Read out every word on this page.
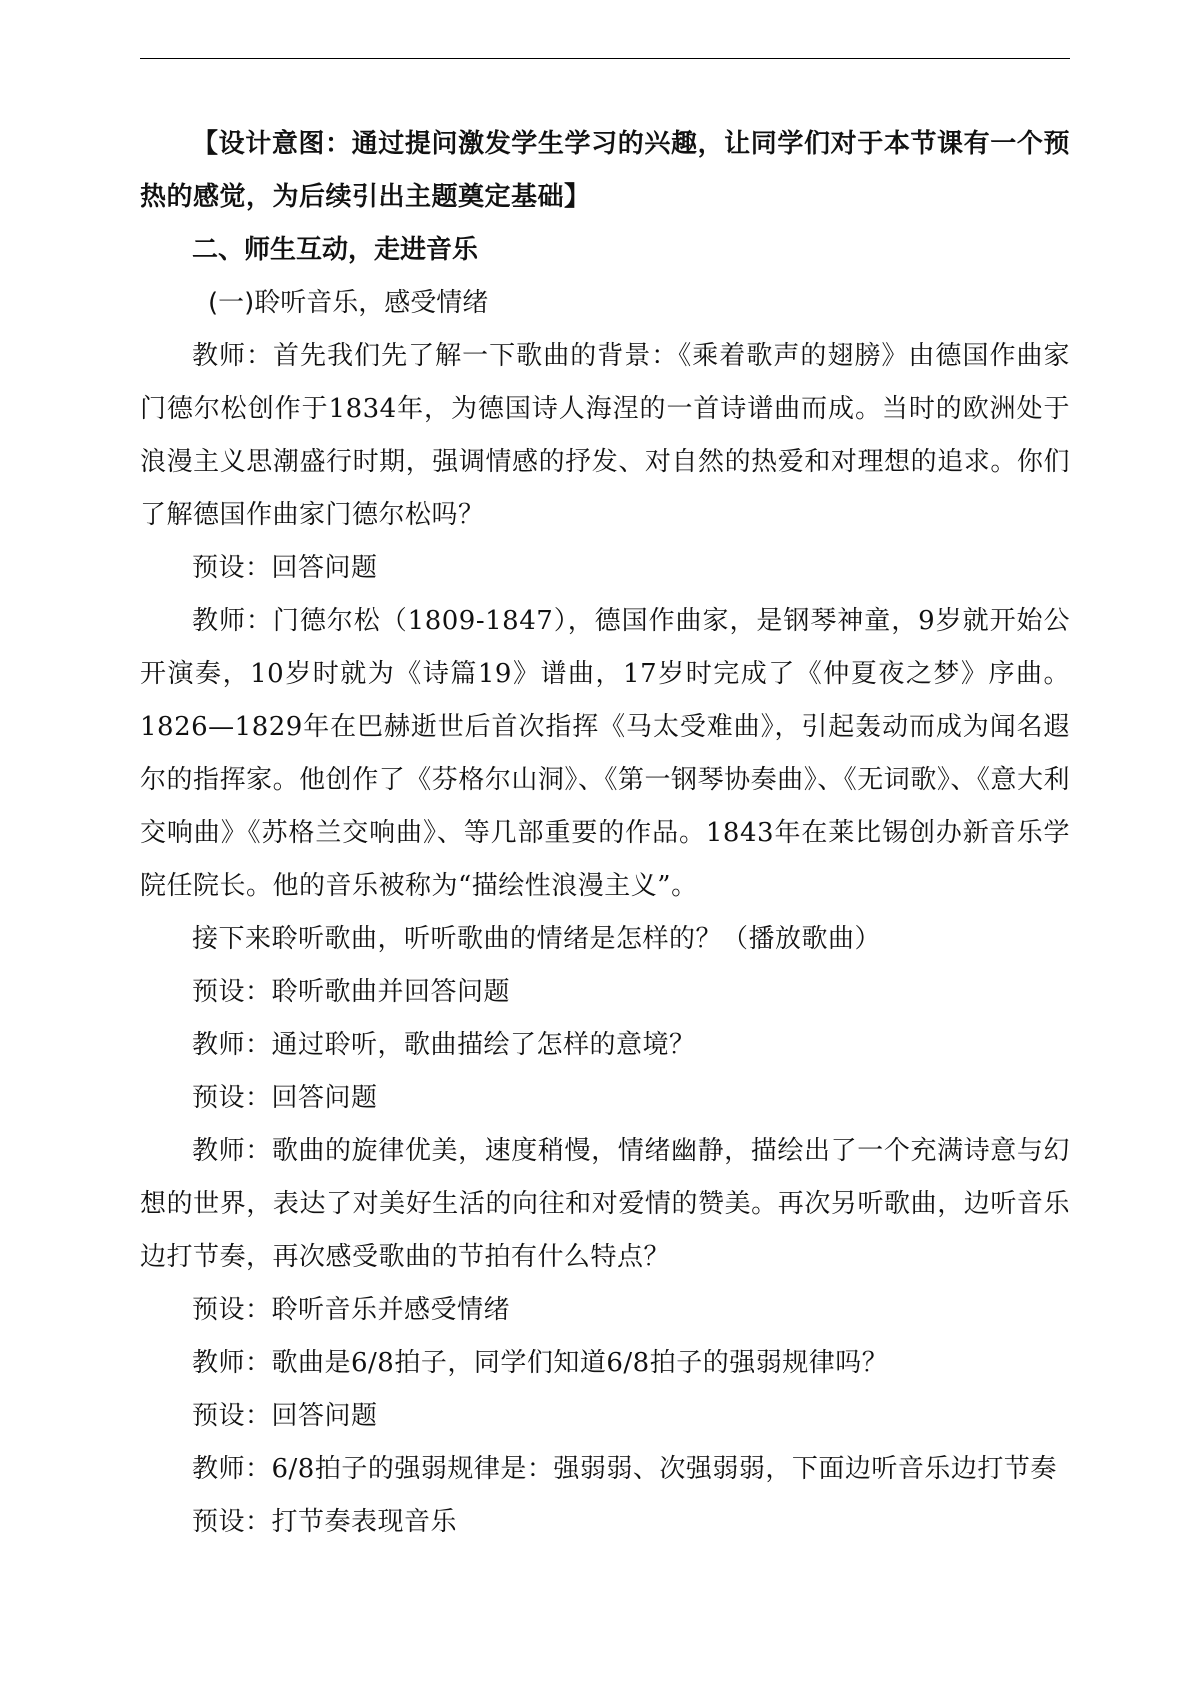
【设计意图：通过提问激发学生学习的兴趣，让同学们对于本节课有一个预热的感觉，为后续引出主题奠定基础】

二、师生互动，走进音乐

(一)聆听音乐，感受情绪

教师：首先我们先了解一下歌曲的背景：《乘着歌声的翅膀》由德国作曲家门德尔松创作于1834年，为德国诗人海涅的一首诗谱曲而成。当时的欧洲处于浪漫主义思潮盛行时期，强调情感的抒发、对自然的热爱和对理想的追求。你们了解德国作曲家门德尔松吗？

预设：回答问题

教师：门德尔松（1809-1847），德国作曲家，是钢琴神童，9岁就开始公开演奏，10岁时就为《诗篇19》谱曲，17岁时完成了《仲夏夜之梦》序曲。1826—1829年在巴赫逝世后首次指挥《马太受难曲》，引起轰动而成为闻名遐尔的指挥家。他创作了《芬格尔山洞》、《第一钢琴协奏曲》、《无词歌》、《意大利交响曲》《苏格兰交响曲》、等几部重要的作品。1843年在莱比锡创办新音乐学院任院长。他的音乐被称为“描绘性浪漫主义”。

接下来聆听歌曲，听听歌曲的情绪是怎样的？（播放歌曲）

预设：聆听歌曲并回答问题

教师：通过聆听，歌曲描绘了怎样的意境？

预设：回答问题

教师：歌曲的旋律优美，速度稍慢，情绪幽静，描绘出了一个充满诗意与幻想的世界，表达了对美好生活的向往和对爱情的赞美。再次另听歌曲，边听音乐边打节奏，再次感受歌曲的节拍有什么特点？

预设：聆听音乐并感受情绪

教师：歌曲是6/8拍子，同学们知道6/8拍子的强弱规律吗？

预设：回答问题

教师：6/8拍子的强弱规律是：强弱弱、次强弱弱，下面边听音乐边打节奏

预设：打节奏表现音乐
